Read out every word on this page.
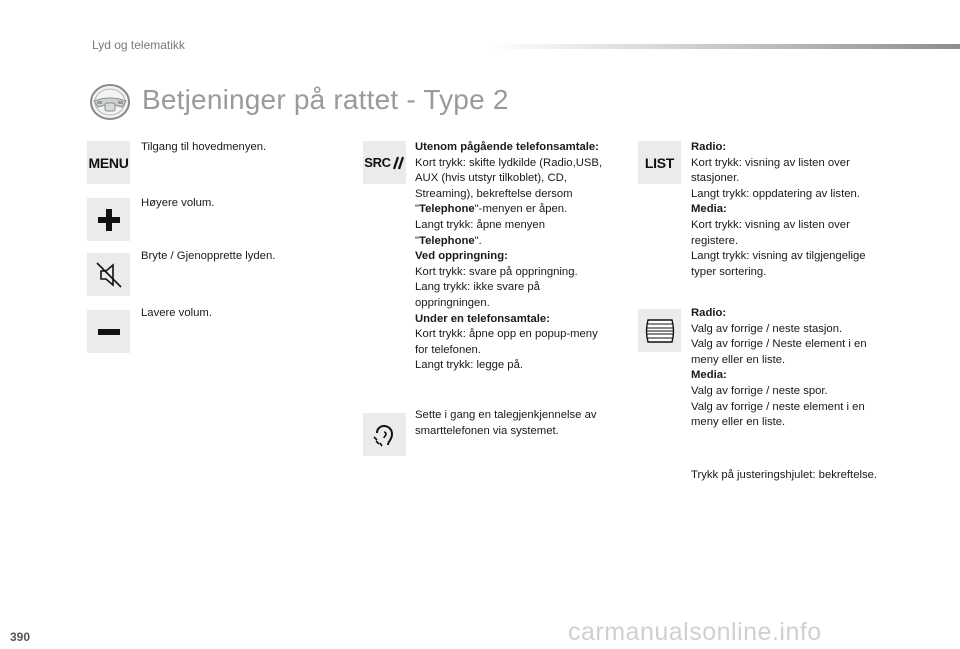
Lyd og telematikk
Betjeninger på rattet - Type 2
MENU
Tilgang til hovedmenyen.
Høyere volum.
Bryte / Gjenopprette lyden.
Lavere volum.
SRC
Utenom pågående telefonsamtale:
Kort trykk: skifte lydkilde (Radio,USB,
AUX (hvis utstyr tilkoblet), CD,
Streaming), bekreftelse dersom
"Telephone"-menyen er åpen.
Langt trykk: åpne menyen
"Telephone".
Ved oppringning:
Kort trykk: svare på oppringning.
Lang trykk: ikke svare på
oppringningen.
Under en telefonsamtale:
Kort trykk: åpne opp en popup-meny
for telefonen.
Langt trykk: legge på.
Sette i gang en talegjenkjennelse av
smarttelefonen via systemet.
LIST
Radio:
Kort trykk: visning av listen over
stasjoner.
Langt trykk: oppdatering av listen.
Media:
Kort trykk: visning av listen over
registere.
Langt trykk: visning av tilgjengelige
typer sortering.
Radio:
Valg av forrige / neste stasjon.
Valg av forrige / Neste element i en
meny eller en liste.
Media:
Valg av forrige / neste spor.
Valg av forrige / neste element i en
meny eller en liste.
Trykk på justeringshjulet: bekreftelse.
390	carmanualsonline.info
